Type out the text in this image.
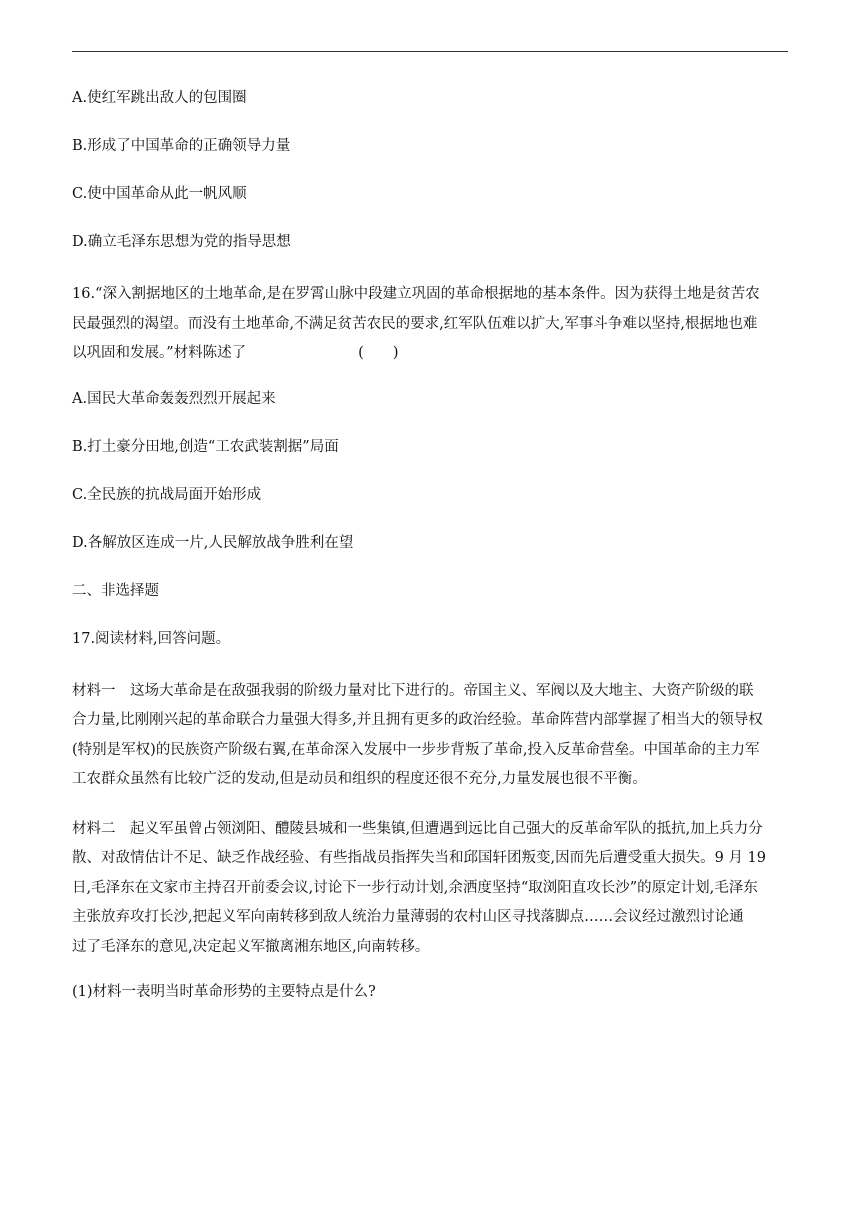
A.使红军跳出敌人的包围圈
B.形成了中国革命的正确领导力量
C.使中国革命从此一帆风顺
D.确立毛泽东思想为党的指导思想
16.“深入割据地区的土地革命,是在罗霄山脉中段建立巩固的革命根据地的基本条件。因为获得土地是贫苦农
民最强烈的渴望。而没有土地革命,不满足贫苦农民的要求,红军队伍难以扩大,军事斗争难以坚持,根据地也难
以巩固和发展。”材料陈述了	(　　)
A.国民大革命轰轰烈烈开展起来
B.打土豪分田地,创造“工农武装割据”局面
C.全民族的抗战局面开始形成
D.各解放区连成一片,人民解放战争胜利在望
二、非选择题
17.阅读材料,回答问题。
材料一　这场大革命是在敌强我弱的阶级力量对比下进行的。帝国主义、军阀以及大地主、大资产阶级的联
合力量,比刚刚兴起的革命联合力量强大得多,并且拥有更多的政治经验。革命阵营内部掌握了相当大的领导权
(特别是军权)的民族资产阶级右翼,在革命深入发展中一步步背叛了革命,投入反革命营垒。中国革命的主力军
工农群众虽然有比较广泛的发动,但是动员和组织的程度还很不充分,力量发展也很不平衡。
材料二　起义军虽曾占领浏阳、醴陵县城和一些集镇,但遭遇到远比自己强大的反革命军队的抵抗,加上兵力分
散、对敌情估计不足、缺乏作战经验、有些指战员指挥失当和邱国轩团叛变,因而先后遭受重大损失。9 月 19
日,毛泽东在文家市主持召开前委会议,讨论下一步行动计划,余洒度坚持“取浏阳直攻长沙”的原定计划,毛泽东
主张放弃攻打长沙,把起义军向南转移到敌人统治力量薄弱的农村山区寻找落脚点……会议经过激烈讨论通
过了毛泽东的意见,决定起义军撤离湘东地区,向南转移。
(1)材料一表明当时革命形势的主要特点是什么?
